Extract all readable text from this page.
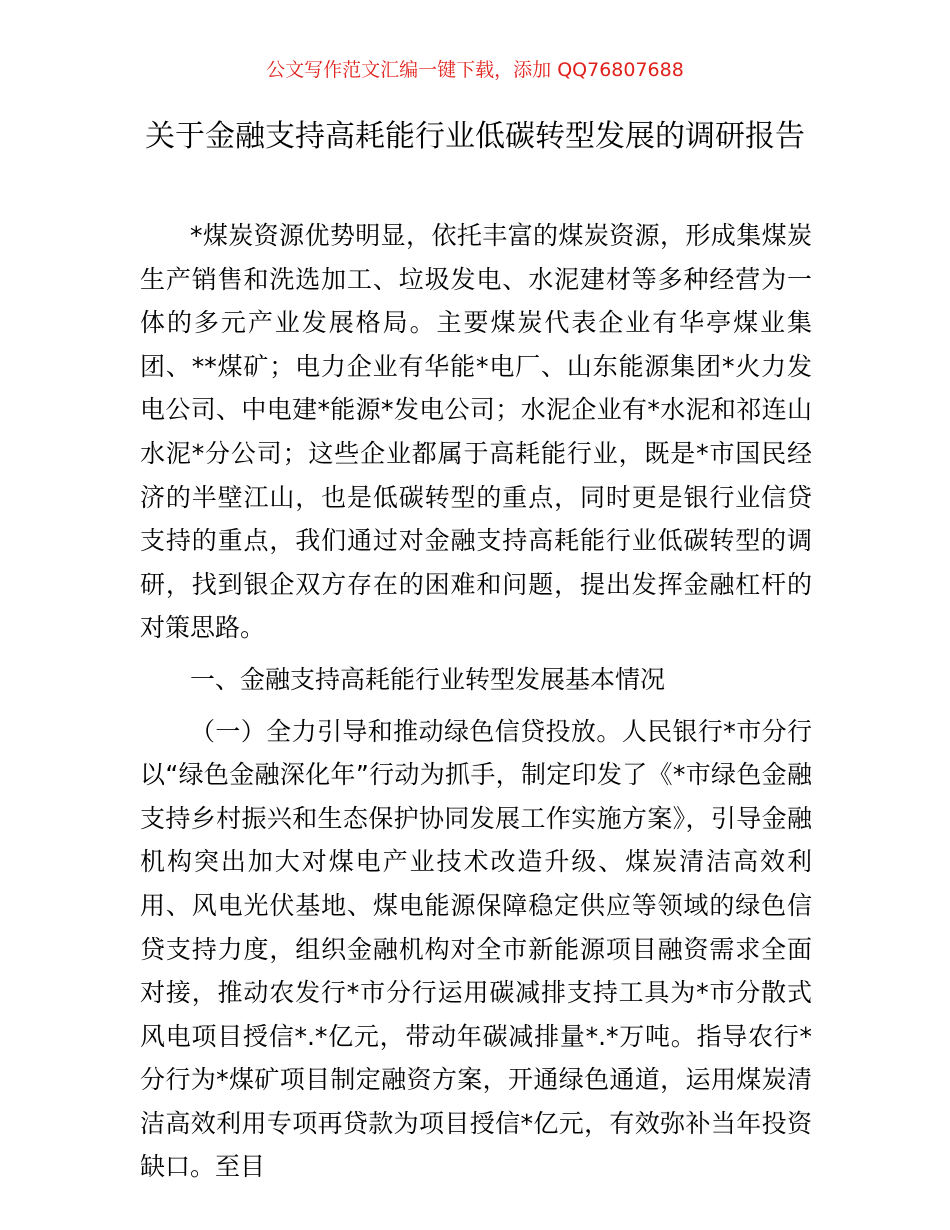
公文写作范文汇编一键下载，添加 QQ76807688
关于金融支持高耗能行业低碳转型发展的调研报告

*煤炭资源优势明显，依托丰富的煤炭资源，形成集煤炭生产销售和洗选加工、垃圾发电、水泥建材等多种经营为一体的多元产业发展格局。主要煤炭代表企业有华亭煤业集团、**煤矿；电力企业有华能*电厂、山东能源集团*火力发电公司、中电建*能源*发电公司；水泥企业有*水泥和祁连山水泥*分公司；这些企业都属于高耗能行业，既是*市国民经济的半壁江山，也是低碳转型的重点，同时更是银行业信贷支持的重点，我们通过对金融支持高耗能行业低碳转型的调研，找到银企双方存在的困难和问题，提出发挥金融杠杆的对策思路。

一、金融支持高耗能行业转型发展基本情况

（一）全力引导和推动绿色信贷投放。人民银行*市分行以“绿色金融深化年”行动为抓手，制定印发了《*市绿色金融支持乡村振兴和生态保护协同发展工作实施方案》，引导金融机构突出加大对煤电产业技术改造升级、煤炭清洁高效利用、风电光伏基地、煤电能源保障稳定供应等领域的绿色信贷支持力度，组织金融机构对全市新能源项目融资需求全面对接，推动农发行*市分行运用碳减排支持工具为*市分散式风电项目授信*.*亿元，带动年碳减排量*.*万吨。指导农行*分行为*煤矿项目制定融资方案，开通绿色通道，运用煤炭清洁高效利用专项再贷款为项目授信*亿元，有效弥补当年投资缺口。至目
